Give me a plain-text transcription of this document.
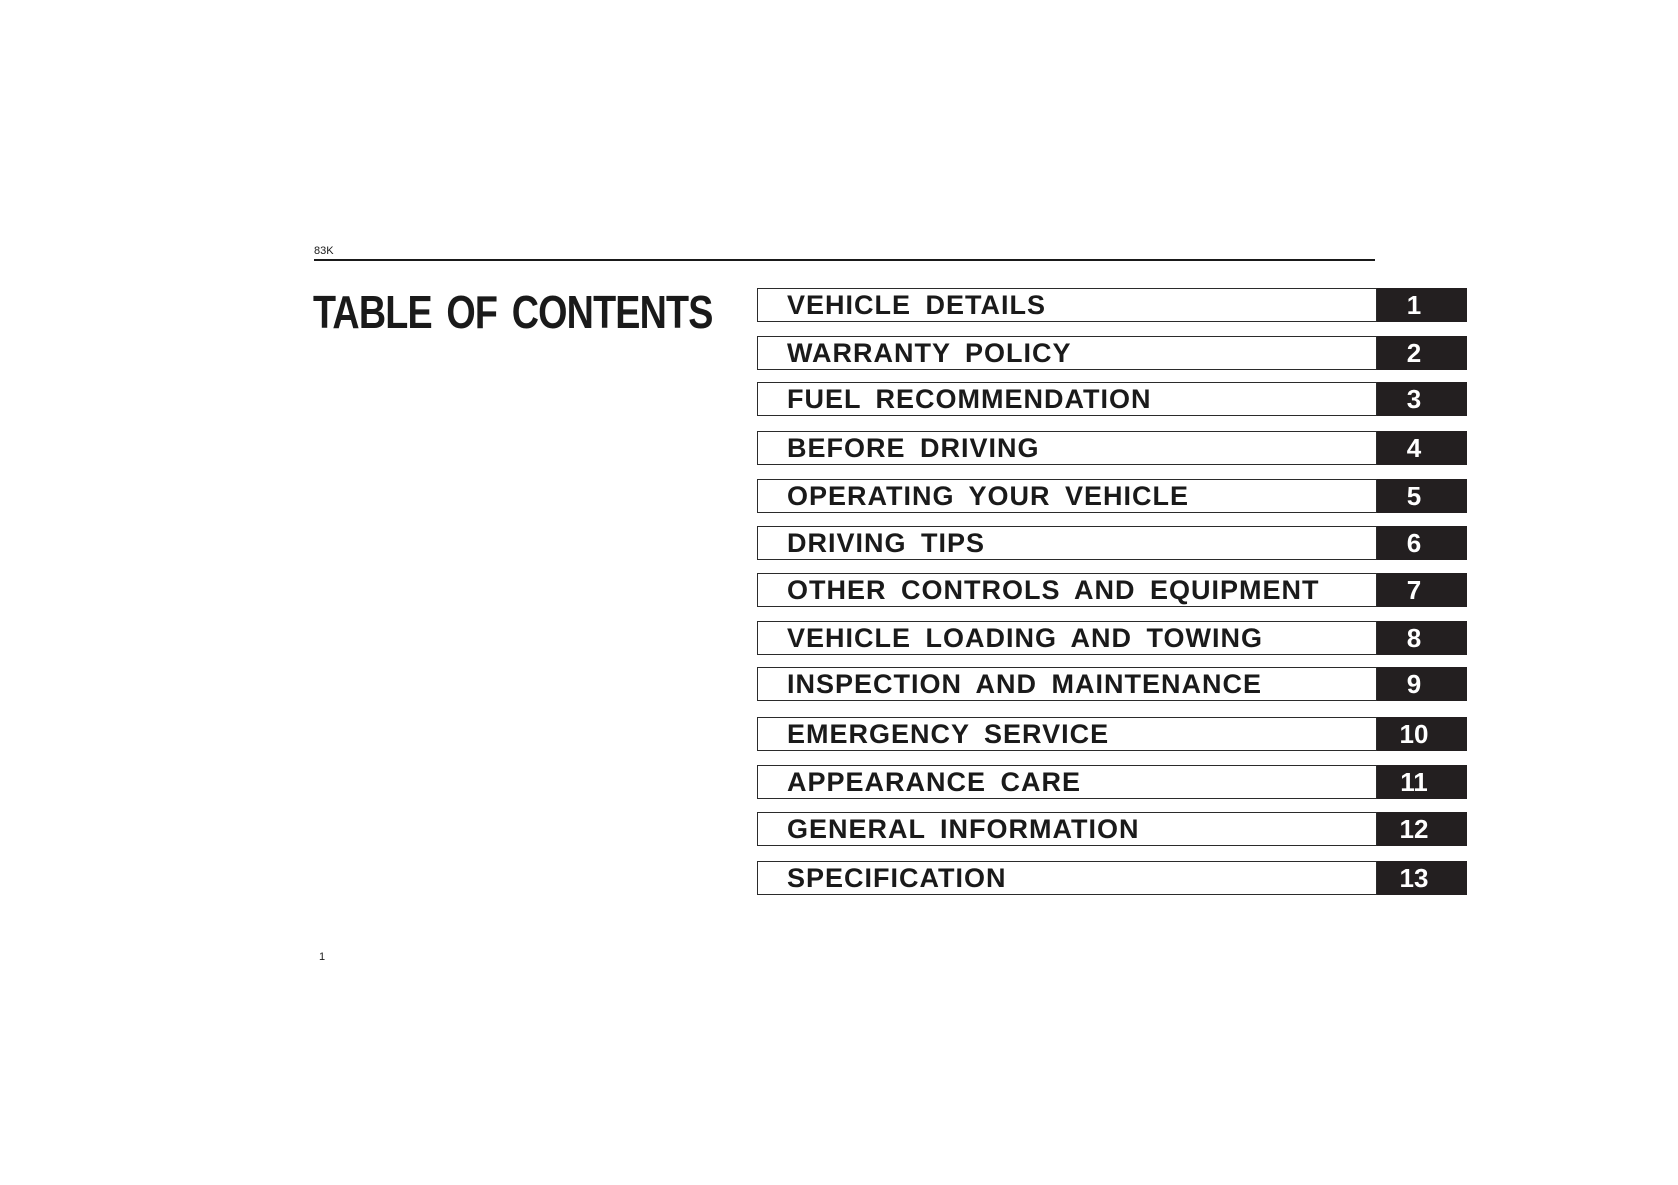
83K
TABLE OF CONTENTS	VEHICLE DETAILS	1
WARRANTY POLICY	2
FUEL RECOMMENDATION	3
BEFORE DRIVING	4
OPERATING YOUR VEHICLE	5
DRIVING TIPS	6
OTHER CONTROLS AND EQUIPMENT	7
VEHICLE LOADING AND TOWING	8
INSPECTION AND MAINTENANCE	9
EMERGENCY SERVICE	10
APPEARANCE CARE	11
GENERAL INFORMATION	12
SPECIFICATION	13
1
